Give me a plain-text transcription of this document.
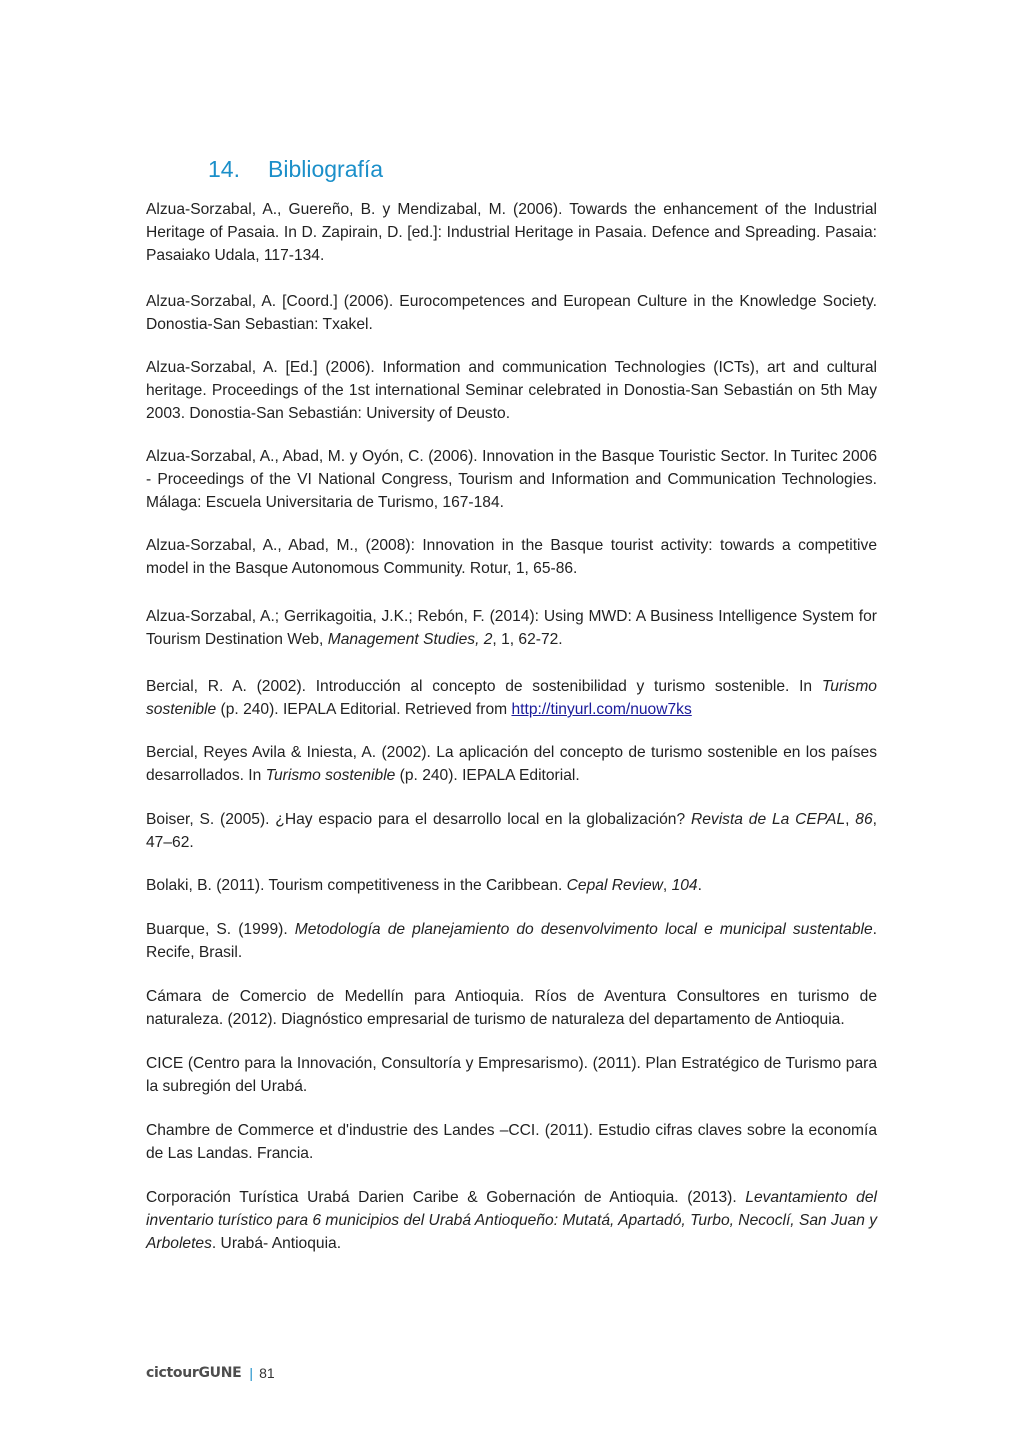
14. Bibliografía

Alzua-Sorzabal, A., Guereño, B. y Mendizabal, M. (2006). Towards the enhancement of the Industrial Heritage of Pasaia. In D. Zapirain, D. [ed.]: Industrial Heritage in Pasaia. Defence and Spreading. Pasaia: Pasaiako Udala, 117-134.

Alzua-Sorzabal, A. [Coord.] (2006). Eurocompetences and European Culture in the Knowledge Society. Donostia-San Sebastian: Txakel.

Alzua-Sorzabal, A. [Ed.] (2006). Information and communication Technologies (ICTs), art and cultural heritage. Proceedings of the 1st international Seminar celebrated in Donostia-San Sebastián on 5th May 2003. Donostia-San Sebastián: University of Deusto.

Alzua-Sorzabal, A., Abad, M. y Oyón, C. (2006). Innovation in the Basque Touristic Sector. In Turitec 2006 - Proceedings of the VI National Congress, Tourism and Information and Communication Technologies. Málaga: Escuela Universitaria de Turismo, 167-184.

Alzua-Sorzabal, A., Abad, M., (2008): Innovation in the Basque tourist activity: towards a competitive model in the Basque Autonomous Community. Rotur, 1, 65-86.

Alzua-Sorzabal, A.; Gerrikagoitia, J.K.; Rebón, F. (2014): Using MWD: A Business Intelligence System for Tourism Destination Web, Management Studies, 2, 1, 62-72.

Bercial, R. A. (2002). Introducción al concepto de sostenibilidad y turismo sostenible. In Turismo sostenible (p. 240). IEPALA Editorial. Retrieved from http://tinyurl.com/nuow7ks

Bercial, Reyes Avila & Iniesta, A. (2002). La aplicación del concepto de turismo sostenible en los países desarrollados. In Turismo sostenible (p. 240). IEPALA Editorial.

Boiser, S. (2005). ¿Hay espacio para el desarrollo local en la globalización? Revista de La CEPAL, 86, 47–62.

Bolaki, B. (2011). Tourism competitiveness in the Caribbean. Cepal Review, 104.

Buarque, S. (1999). Metodología de planejamiento do desenvolvimento local e municipal sustentable. Recife, Brasil.

Cámara de Comercio de Medellín para Antioquia. Ríos de Aventura Consultores en turismo de naturaleza. (2012). Diagnóstico empresarial de turismo de naturaleza del departamento de Antioquia.

CICE (Centro para la Innovación, Consultoría y Empresarismo). (2011). Plan Estratégico de Turismo para la subregión del Urabá.

Chambre de Commerce et d'industrie des Landes –CCI. (2011). Estudio cifras claves sobre la economía de Las Landas. Francia.

Corporación Turística Urabá Darien Caribe & Gobernación de Antioquia. (2013). Levantamiento del inventario turístico para 6 municipios del Urabá Antioqueño: Mutatá, Apartadó, Turbo, Necoclí, San Juan y Arboletes. Urabá- Antioquia.

cictourGUNE | 81
